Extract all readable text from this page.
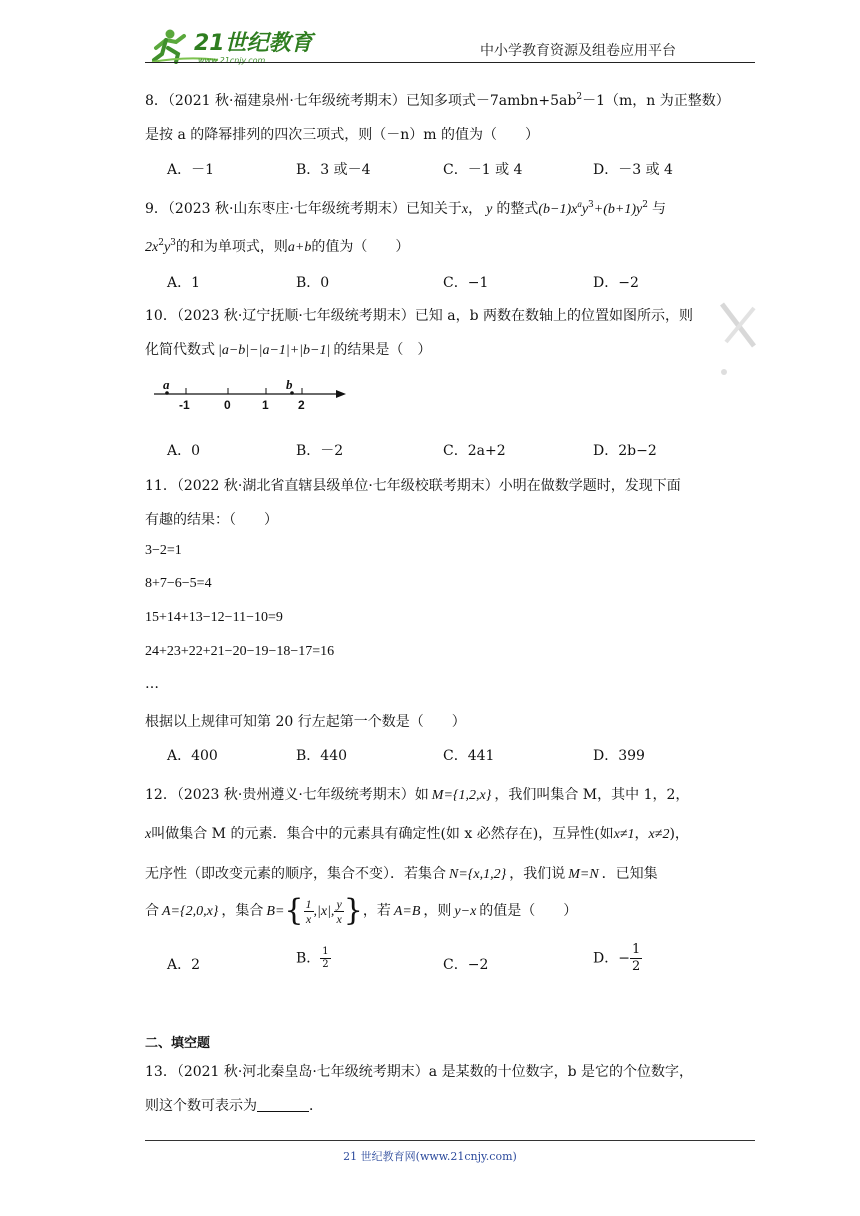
21世纪教育
www.21cnjy.com
中小学教育资源及组卷应用平台
8．（2021 秋·福建泉州·七年级统考期末）已知多项式$-7ambn+5ab^2-1(m$，n 为正整数）
是按 a 的降幂排列的四次三项式，则（－n）m 的值为（　　）
A．－1	B．3 或－4	C．－1 或 4	D．－3 或 4
9．（2023 秋·山东枣庄·七年级统考期末）已知关于x， y 的整式$(b-1)x^ay^3+(b+1)y^2$ 与
$2x^2y^3$的和为单项式，则a+b的值为（　　）
A．1	B．0	C．−1	D．−2
10．（2023 秋·辽宁抚顺·七年级统考期末）已知 a，b 两数在数轴上的位置如图所示，则
化简代数式 |a−b|−|a−1|+|b−1| 的结果是（　）
a	b
-1	0	1 2
A．0	B．－2	C．2a+2	D．2b−2
11．（2022 秋·湖北省直辖县级单位·七年级校联考期末）小明在做数学题时，发现下面
有趣的结果：（　　）
3−2=1
8+7−6−5=4
15+14+13−12−11−10=9
24+23+22+21−20−19−18−17=16
…
根据以上规律可知第 20 行左起第一个数是（　　）
A．400	B．440	C．441	D．399
12．（2023 秋·贵州遵义·七年级统考期末）如 M={1,2,x} ，我们叫集合 M，其中 1，2，
x叫做集合 M 的元素．集合中的元素具有确定性(如 x 必然存在)，互异性(如x≠1，x≠2)，
无序性（即改变元素的顺序，集合不变）．若集合 N={x,1,2} ，我们说 M=N ．已知集
合 A={2,0,x} ，集合 $B=\{ \frac{1}{x} ,|x|$, $\frac{y}{x}$ }，若 A=B ，则 y−x 的值是（　　）
A．2	B． $\frac{1}{2}$	C．−2	D．− $\frac{1}{2}$
二、填空题
13．（2021 秋·河北秦皇岛·七年级统考期末）a 是某数的十位数字，b 是它的个位数字，
则这个数可表示为	．
21 世纪教育网(www.21cnjy.com)
